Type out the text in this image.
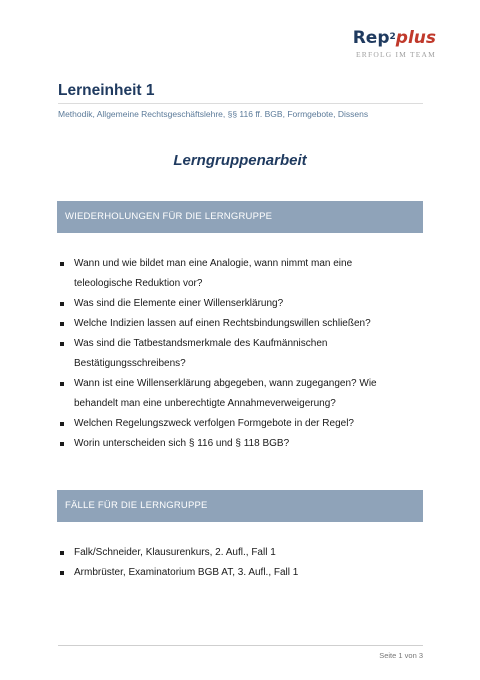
Rep$^2$plus
ERFOLG IM TEAM
Lerneinheit 1
Methodik, Allgemeine Rechtsgeschäftslehre, §§ 116 ff. BGB, Formgebote, Dissens
Lerngruppenarbeit
WIEDERHOLUNGEN FÜR DIE LERNGRUPPE
Wann und wie bildet man eine Analogie, wann nimmt man eine teleologische Reduktion vor?
Was sind die Elemente einer Willenserklärung?
Welche Indizien lassen auf einen Rechtsbindungswillen schließen?
Was sind die Tatbestandsmerkmale des Kaufmännischen Bestätigungsschreibens?
Wann ist eine Willenserklärung abgegeben, wann zugegangen? Wie behandelt man eine unberechtigte Annahmeverweigerung?
Welchen Regelungszweck verfolgen Formgebote in der Regel?
Worin unterscheiden sich § 116 und § 118 BGB?
FÄLLE FÜR DIE LERNGRUPPE
Falk/Schneider, Klausurenkurs, 2. Aufl., Fall 1
Armbrüster, Examinatorium BGB AT, 3. Aufl., Fall 1
Seite 1 von 3
